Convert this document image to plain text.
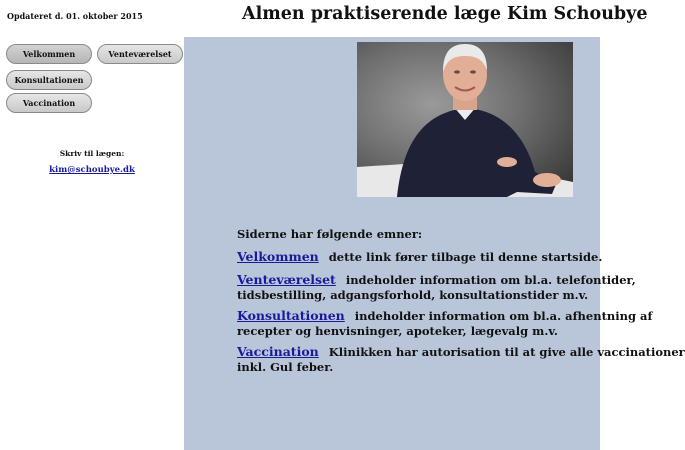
Opdateret d. 01. oktober 2015	Almen praktiserende læge Kim Schoubye
Velkommen	Venteværelset
Konsultationen
Vaccination
Skriv til lægen:
kim@schoubye.dk
Siderne har følgende emner:
Velkommen dette link fører tilbage til denne startside.
Venteværelset indeholder information om bl.a. telefontider,
tidsbestilling, adgangsforhold, konsultationstider m.v.
Konsultationen indeholder information om bl.a. afhentning af
recepter og henvisninger, apoteker, lægevalg m.v.
Vaccination Klinikken har autorisation til at give alle vaccinationer
inkl. Gul feber.
